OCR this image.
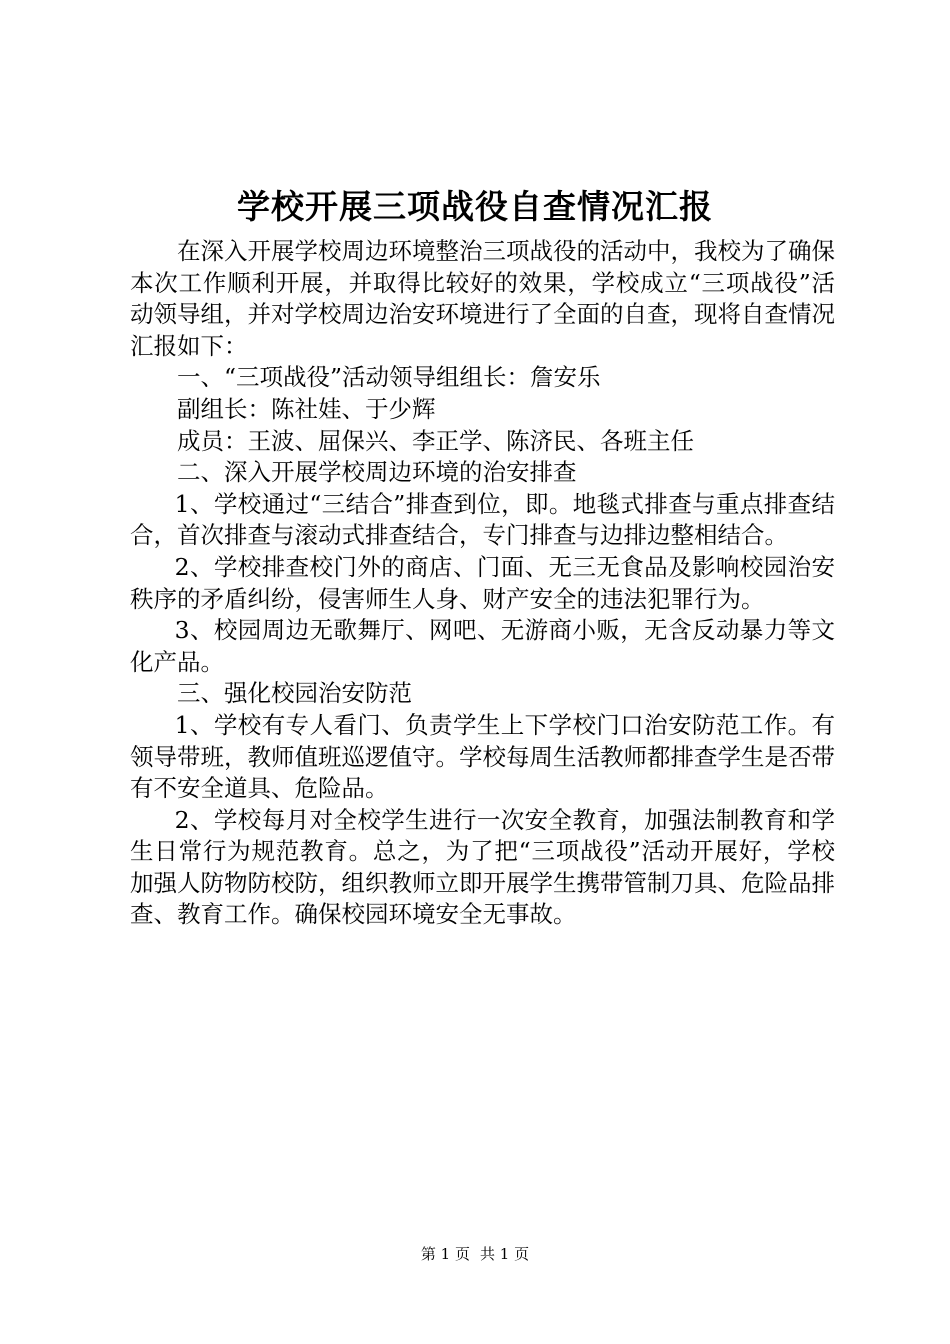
学校开展三项战役自查情况汇报

在深入开展学校周边环境整治三项战役的活动中，我校为了确保本次工作顺利开展，并取得比较好的效果，学校成立“三项战役”活动领导组，并对学校周边治安环境进行了全面的自查，现将自查情况汇报如下：

一、“三项战役”活动领导组组长：詹安乐

副组长：陈社娃、于少辉

成员：王波、屈保兴、李正学、陈济民、各班主任

二、深入开展学校周边环境的治安排查

1、学校通过“三结合”排查到位，即。地毯式排查与重点排查结合，首次排查与滚动式排查结合，专门排查与边排边整相结合。

2、学校排查校门外的商店、门面、无三无食品及影响校园治安秩序的矛盾纠纷，侵害师生人身、财产安全的违法犯罪行为。

3、校园周边无歌舞厅、网吧、无游商小贩，无含反动暴力等文化产品。

三、强化校园治安防范

1、学校有专人看门、负责学生上下学校门口治安防范工作。有领导带班，教师值班巡逻值守。学校每周生活教师都排查学生是否带有不安全道具、危险品。

2、学校每月对全校学生进行一次安全教育，加强法制教育和学生日常行为规范教育。总之，为了把“三项战役”活动开展好，学校加强人防物防校防，组织教师立即开展学生携带管制刀具、危险品排查、教育工作。确保校园环境安全无事故。

第 1 页 共 1 页
